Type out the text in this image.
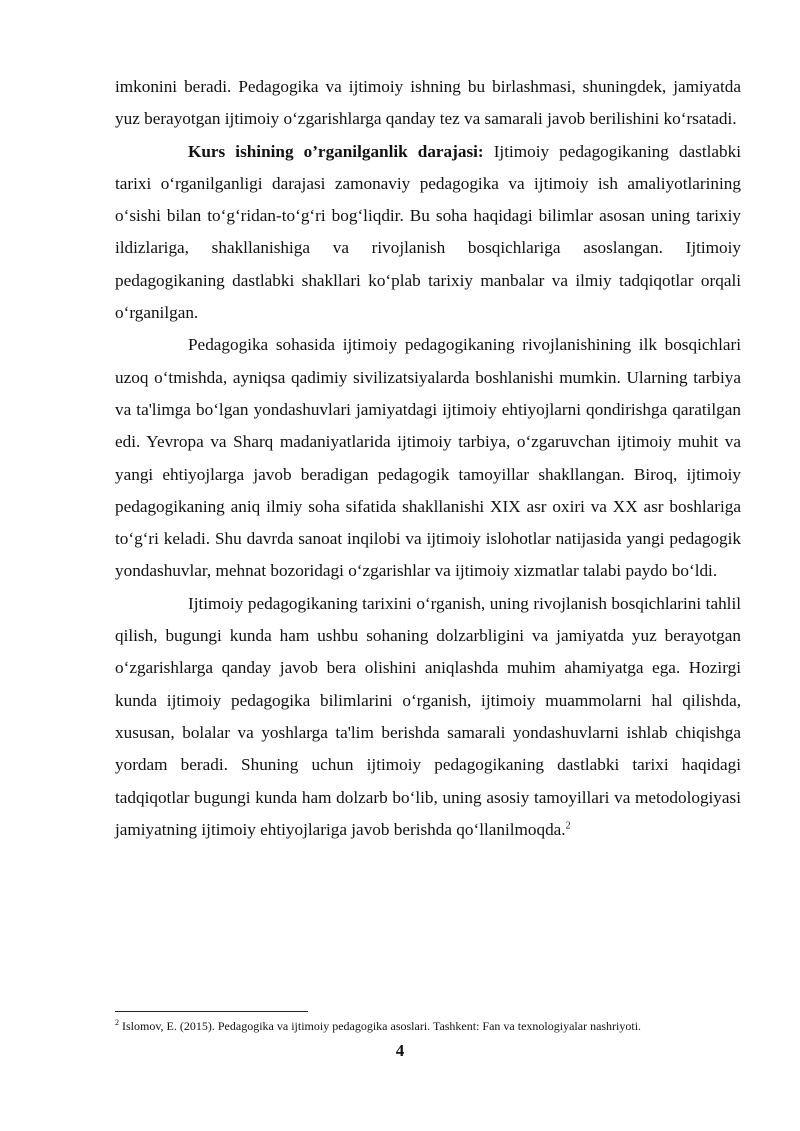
imkonini beradi. Pedagogika va ijtimoiy ishning bu birlashmasi, shuningdek, jamiyatda yuz berayotgan ijtimoiy o‘zgarishlarga qanday tez va samarali javob berilishini ko‘rsatadi.

Kurs ishining o’rganilganlik darajasi: Ijtimoiy pedagogikaning dastlabki tarixi o‘rganilganligi darajasi zamonaviy pedagogika va ijtimoiy ish amaliyotlarining o‘sishi bilan to‘g‘ridan-to‘g‘ri bog‘liqdir. Bu soha haqidagi bilimlar asosan uning tarixiy ildizlariga, shakllanishiga va rivojlanish bosqichlariga asoslangan. Ijtimoiy pedagogikaning dastlabki shakllari ko‘plab tarixiy manbalar va ilmiy tadqiqotlar orqali o‘rganilgan.

Pedagogika sohasida ijtimoiy pedagogikaning rivojlanishining ilk bosqichlari uzoq o‘tmishda, ayniqsa qadimiy sivilizatsiyalarda boshlanishi mumkin. Ularning tarbiya va ta'limga bo‘lgan yondashuvlari jamiyatdagi ijtimoiy ehtiyojlarni qondirishga qaratilgan edi. Yevropa va Sharq madaniyatlarida ijtimoiy tarbiya, o‘zgaruvchan ijtimoiy muhit va yangi ehtiyojlarga javob beradigan pedagogik tamoyillar shakllangan. Biroq, ijtimoiy pedagogikaning aniq ilmiy soha sifatida shakllanishi XIX asr oxiri va XX asr boshlariga to‘g‘ri keladi. Shu davrda sanoat inqilobi va ijtimoiy islohotlar natijasida yangi pedagogik yondashuvlar, mehnat bozoridagi o‘zgarishlar va ijtimoiy xizmatlar talabi paydo bo‘ldi.

Ijtimoiy pedagogikaning tarixini o‘rganish, uning rivojlanish bosqichlarini tahlil qilish, bugungi kunda ham ushbu sohaning dolzarbligini va jamiyatda yuz berayotgan o‘zgarishlarga qanday javob bera olishini aniqlashda muhim ahamiyatga ega. Hozirgi kunda ijtimoiy pedagogika bilimlarini o‘rganish, ijtimoiy muammolarni hal qilishda, xususan, bolalar va yoshlarga ta'lim berishda samarali yondashuvlarni ishlab chiqishga yordam beradi. Shuning uchun ijtimoiy pedagogikaning dastlabki tarixi haqidagi tadqiqotlar bugungi kunda ham dolzarb bo‘lib, uning asosiy tamoyillari va metodologiyasi jamiyatning ijtimoiy ehtiyojlariga javob berishda qo‘llanilmoqda.$^2$

$^2$ Islomov, E. (2015). Pedagogika va ijtimoiy pedagogika asoslari. Tashkent: Fan va texnologiyalar nashriyoti.
4
